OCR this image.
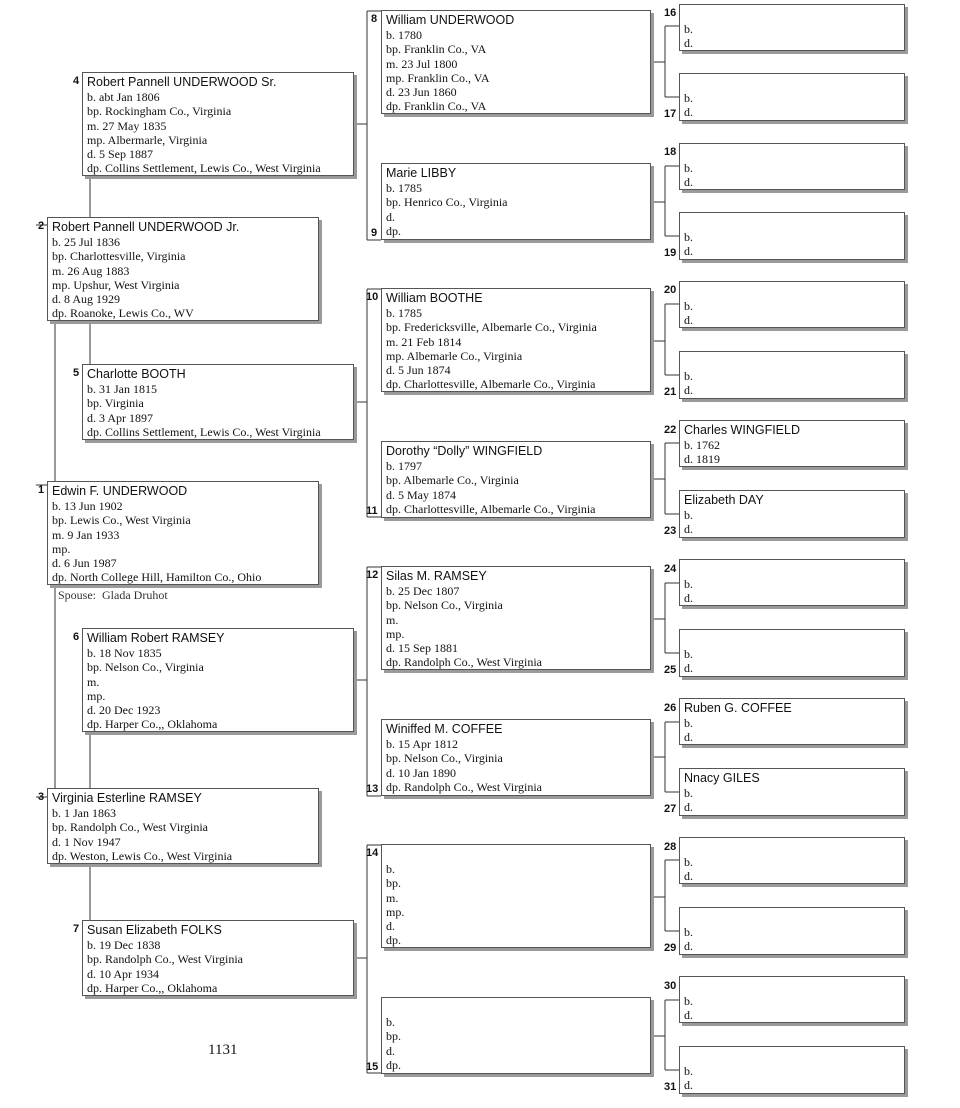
Edwin F. UNDERWOOD
b. 13 Jun 1902
bp. Lewis Co., West Virginia
m. 9 Jan 1933
mp.
d. 6 Jun 1987
dp. North College Hill, Hamilton Co., Ohio
1
Spouse: Glada Druhot
Robert Pannell UNDERWOOD Jr.
b. 25 Jul 1836
bp. Charlottesville, Virginia
m. 26 Aug 1883
mp. Upshur, West Virginia
d. 8 Aug 1929
dp. Roanoke, Lewis Co., WV
2
Virginia Esterline RAMSEY
b. 1 Jan 1863
bp. Randolph Co., West Virginia
d. 1 Nov 1947
dp. Weston, Lewis Co., West Virginia
3
Robert Pannell UNDERWOOD Sr.
b. abt Jan 1806
bp. Rockingham Co., Virginia
m. 27 May 1835
mp. Albermarle, Virginia
d. 5 Sep 1887
dp. Collins Settlement, Lewis Co., West Virginia
4
Charlotte BOOTH
b. 31 Jan 1815
bp. Virginia
d. 3 Apr 1897
dp. Collins Settlement, Lewis Co., West Virginia
5
William Robert RAMSEY
b. 18 Nov 1835
bp. Nelson Co., Virginia
m.
mp.
d. 20 Dec 1923
dp. Harper Co.,, Oklahoma
6
Susan Elizabeth FOLKS
b. 19 Dec 1838
bp. Randolph Co., West Virginia
d. 10 Apr 1934
dp. Harper Co.,, Oklahoma
7
William UNDERWOOD
b. 1780
bp. Franklin Co., VA
m. 23 Jul 1800
mp. Franklin Co., VA
d. 23 Jun 1860
dp. Franklin Co., VA
8
Marie LIBBY
b. 1785
bp. Henrico Co., Virginia
d.
dp.
9
William BOOTHE
b. 1785
bp. Fredericksville, Albemarle Co., Virginia
m. 21 Feb 1814
mp. Albemarle Co., Virginia
d. 5 Jun 1874
dp. Charlottesville, Albemarle Co., Virginia
10
Dorothy “Dolly” WINGFIELD
b. 1797
bp. Albemarle Co., Virginia
d. 5 May 1874
dp. Charlottesville, Albemarle Co., Virginia
11
Silas M. RAMSEY
b. 25 Dec 1807
bp. Nelson Co., Virginia
m.
mp.
d. 15 Sep 1881
dp. Randolph Co., West Virginia
12
Winiffed M. COFFEE
b. 15 Apr 1812
bp. Nelson Co., Virginia
d. 10 Jan 1890
dp. Randolph Co., West Virginia
13

b.
bp.
m.
mp.
d.
dp.
14

b.
bp.
d.
dp.
15

b.
d.
16

b.
d.
17

b.
d.
18

b.
d.
19

b.
d.
20

b.
d.
21
Charles WINGFIELD
b. 1762
d. 1819
22
Elizabeth DAY
b.
d.
23

b.
d.
24

b.
d.
25
Ruben G. COFFEE
b.
d.
26
Nnacy GILES
b.
d.
27

b.
d.
28

b.
d.
29

b.
d.
30

b.
d.
31
1131
